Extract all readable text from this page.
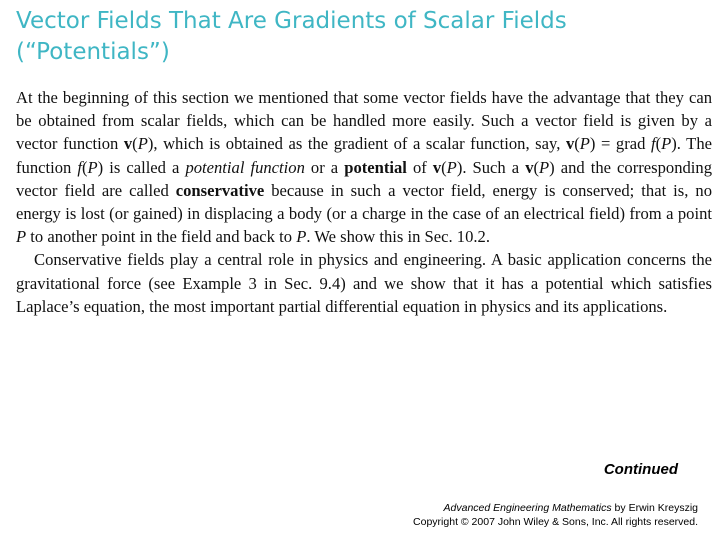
Vector Fields That Are Gradients of Scalar Fields
(“Potentials”)

At the beginning of this section we mentioned that some vector fields have the advantage that they can be obtained from scalar fields, which can be handled more easily. Such a vector field is given by a vector function v(P), which is obtained as the gradient of a scalar function, say, v(P) = grad f(P). The function f(P) is called a potential function or a potential of v(P). Such a v(P) and the corresponding vector field are called conservative because in such a vector field, energy is conserved; that is, no energy is lost (or gained) in displacing a body (or a charge in the case of an electrical field) from a point P to another point in the field and back to P. We show this in Sec. 10.2.

Conservative fields play a central role in physics and engineering. A basic application concerns the gravitational force (see Example 3 in Sec. 9.4) and we show that it has a potential which satisfies Laplace’s equation, the most important partial differential equation in physics and its applications.

Continued
Advanced Engineering Mathematics by Erwin Kreyszig
Copyright © 2007 John Wiley & Sons, Inc. All rights reserved.
